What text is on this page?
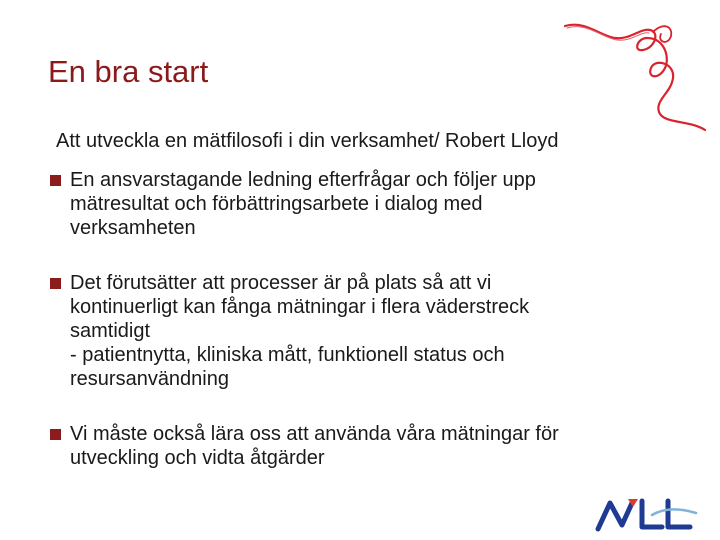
En bra start
Att utveckla en mätfilosofi i din verksamhet/ Robert Lloyd
En ansvarstagande ledning efterfrågar och följer upp
mätresultat och förbättringsarbete i dialog med
verksamheten
Det förutsätter att processer är på plats så att vi
kontinuerligt kan fånga mätningar i flera väderstreck
samtidigt
- patientnytta, kliniska mått, funktionell status och
resursanvändning
Vi måste också lära oss att använda våra mätningar för
utveckling och vidta åtgärder
